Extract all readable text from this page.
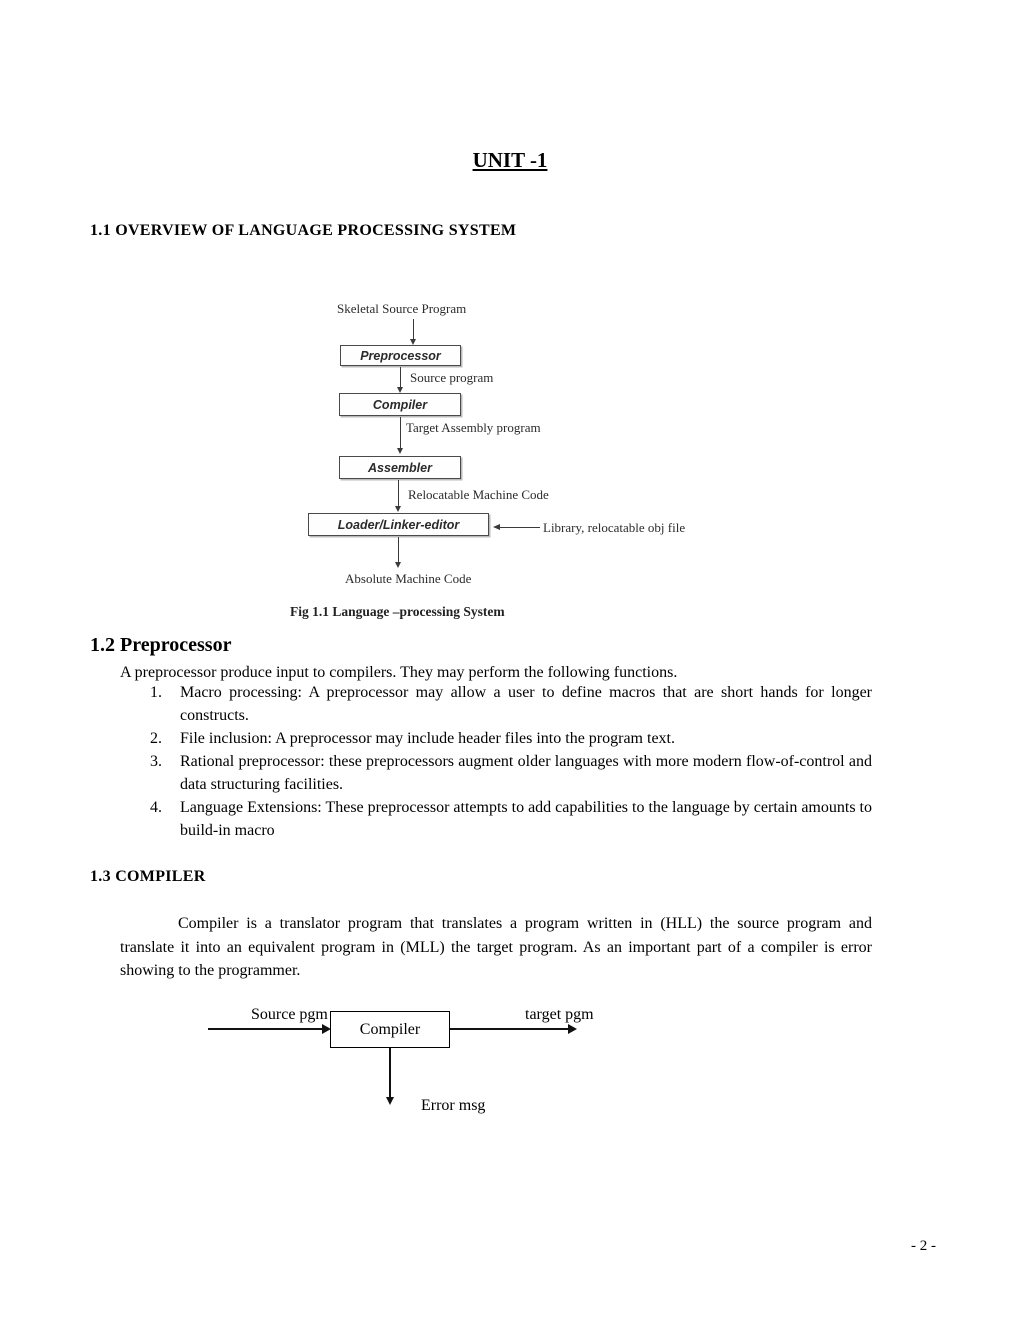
UNIT -1
1.1 OVERVIEW OF LANGUAGE PROCESSING SYSTEM
Skeletal Source Program
Preprocessor
Source program
Compiler
Target Assembly program
Assembler
Relocatable Machine Code
Loader/Linker-editor	Library, relocatable obj file
Absolute Machine Code
Fig 1.1 Language –processing System
1.2 Preprocessor
A preprocessor produce input to compilers. They may perform the following functions.
1.	Macro processing: A preprocessor may allow a user to define macros that are short hands for longer constructs.
2.	File inclusion: A preprocessor may include header files into the program text.
3.	Rational preprocessor: these preprocessors augment older languages with more modern flow-of-control and data structuring facilities.
4.	Language Extensions: These preprocessor attempts to add capabilities to the language by certain amounts to build-in macro
1.3 COMPILER
Compiler is a translator program that translates a program written in (HLL) the source program and translate it into an equivalent program in (MLL) the target program. As an important part of a compiler is error showing to the programmer.
Source pgm
Compiler
target pgm
Error msg
- 2 -
